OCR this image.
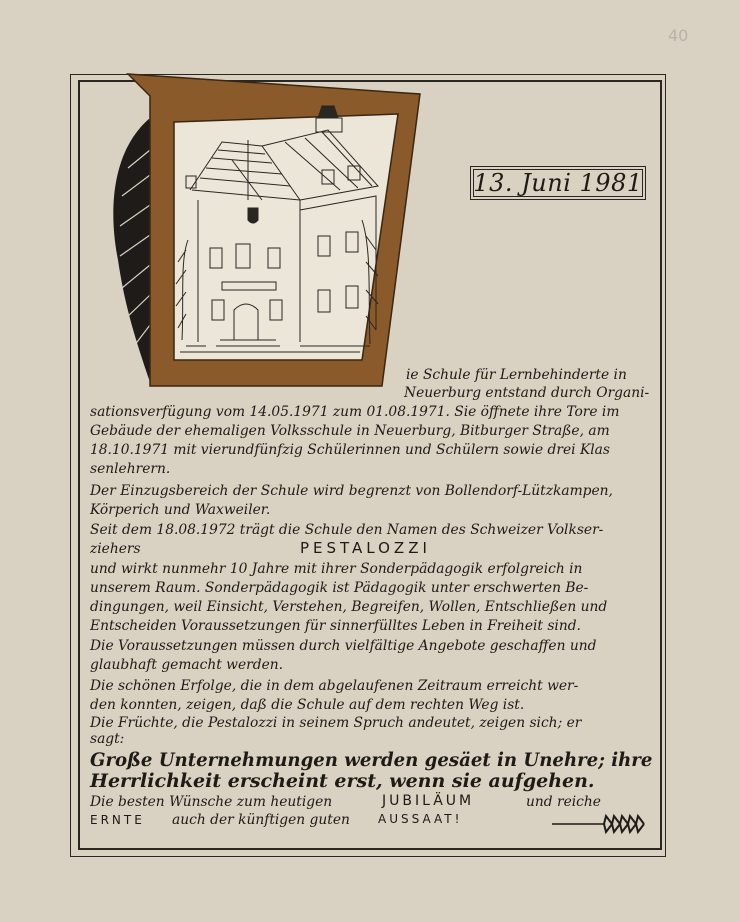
40
13. Juni 1981
ie Schule für Lernbehinderte in
Neuerburg entstand durch Organi-
sationsverfügung vom 14.05.1971 zum 01.08.1971. Sie öffnete ihre Tore im
Gebäude der ehemaligen Volksschule in Neuerburg, Bitburger Straße, am
18.10.1971 mit vierundfünfzig Schülerinnen und Schülern sowie drei Klas
senlehrern.
Der Einzugsbereich der Schule wird begrenzt von Bollendorf-Lützkampen,
Körperich und Waxweiler.
Seit dem 18.08.1972 trägt die Schule den Namen des Schweizer Volkser-
ziehers	PESTALOZZI
und wirkt nunmehr 10 Jahre mit ihrer Sonderpädagogik erfolgreich in
unserem Raum. Sonderpädagogik ist Pädagogik unter erschwerten Be-
dingungen, weil Einsicht, Verstehen, Begreifen, Wollen, Entschließen und
Entscheiden Voraussetzungen für sinnerfülltes Leben in Freiheit sind.
Die Voraussetzungen müssen durch vielfältige Angebote geschaffen und
glaubhaft gemacht werden.
Die schönen Erfolge, die in dem abgelaufenen Zeitraum erreicht wer-
den konnten, zeigen, daß die Schule auf dem rechten Weg ist.
Die Früchte, die Pestalozzi in seinem Spruch andeutet, zeigen sich; er
sagt:
Große Unternehmungen werden gesäet in Unehre; ihre
Herrlichkeit erscheint erst, wenn sie aufgehen.
Die besten Wünsche zum heutigen	JUBILÄUM	und reiche
ERNTE auch der künftigen guten AUSSAAT!
